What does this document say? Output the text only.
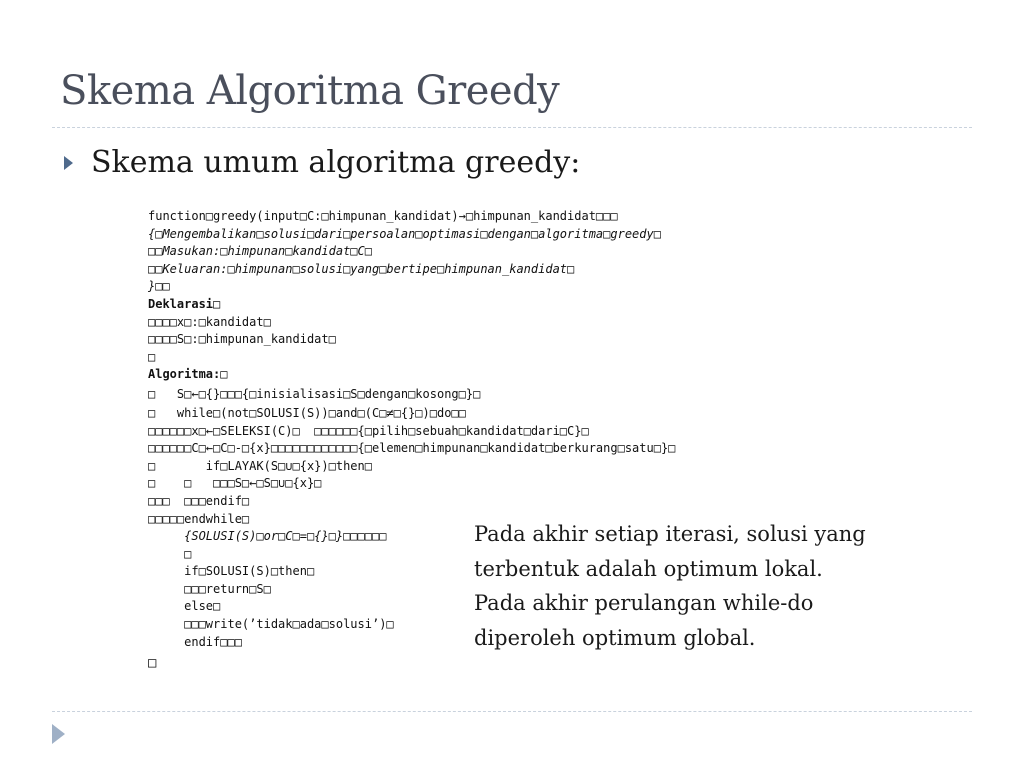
Skema Algoritma Greedy
Skema umum algoritma greedy:
function□greedy(input□C:□himpunan_kandidat)→□himpunan_kandidat□□□
{□Mengembalikan□solusi□dari□persoalan□optimasi□dengan□algoritma□greedy□
□□Masukan:□himpunan□kandidat□C□
□□Keluaran:□himpunan□solusi□yang□bertipe□himpunan_kandidat□
}□□
Deklarasi□
□□□□x□:□kandidat□
□□□□S□:□himpunan_kandidat□
□
Algoritma:□
□   S□←□{}□□□{□inisialisasi□S□dengan□kosong□}□
□   while□(not□SOLUSI(S))□and□(C□≠□{}□)□do□□
□□□□□□x□←□SELEKSI(C)□  □□□□□□{□pilih□sebuah□kandidat□dari□C}□
□□□□□□C□←□C□-□{x}□□□□□□□□□□□□{□elemen□himpunan□kandidat□berkurang□satu□}□
□       if□LAYAK(S□∪□{x})□then□
□    □   □□□S□←□S□∪□{x}□
□□□  □□□endif□
□□□□□endwhile□
{SOLUSI(S)□or□C□=□{}□}□□□□□□
□
if□SOLUSI(S)□then□
□□□return□S□
else□
□□□write(’tidak□ada□solusi’)□
endif□□□
□
Pada akhir setiap iterasi, solusi yang
terbentuk adalah optimum lokal.
Pada akhir perulangan while-do
diperoleh optimum global.
